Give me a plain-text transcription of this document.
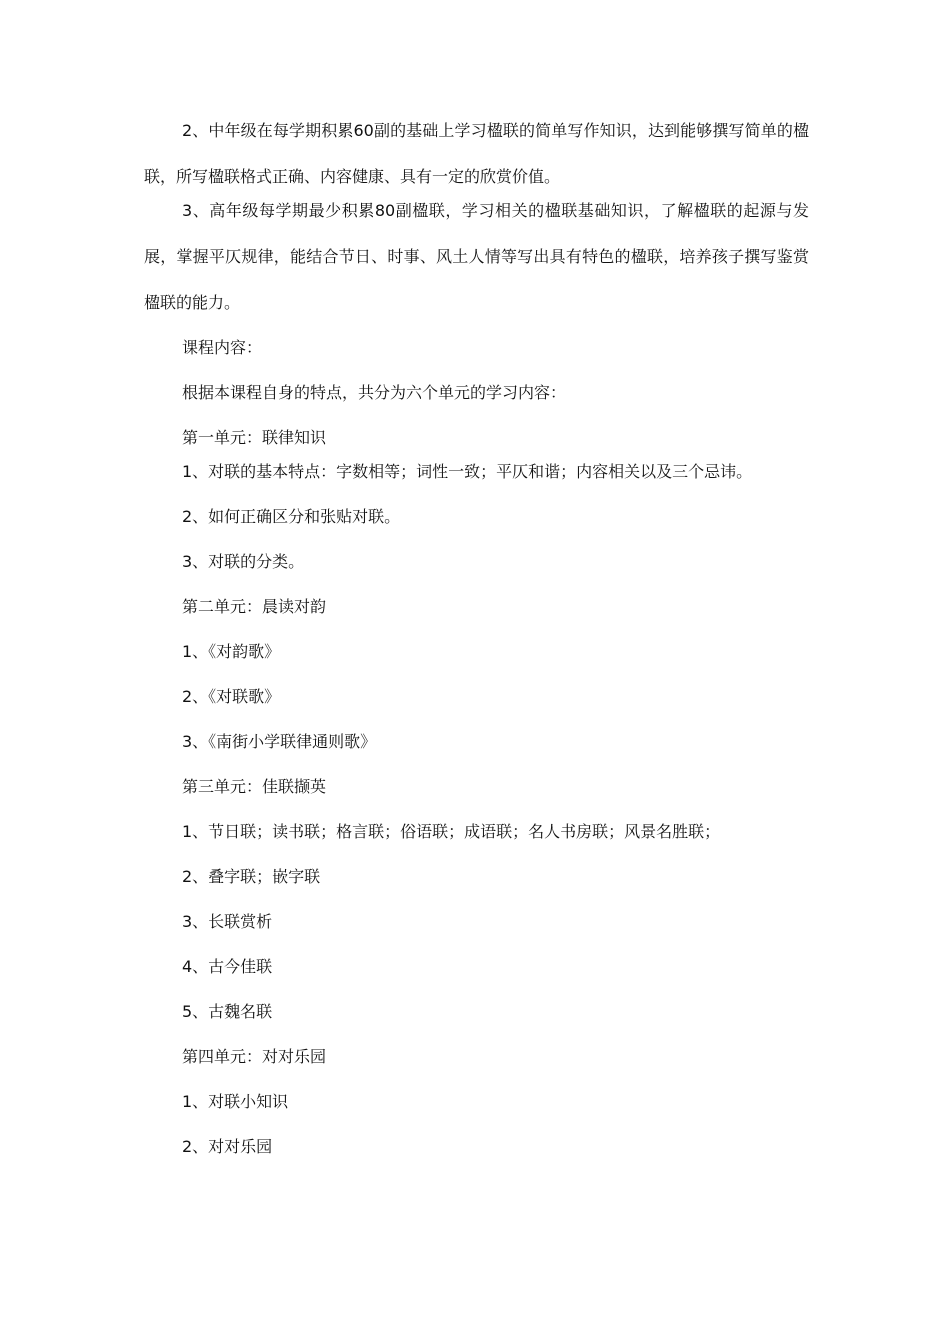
2、中年级在每学期积累60副的基础上学习楹联的简单写作知识，达到能够撰写简单的楹联，所写楹联格式正确、内容健康、具有一定的欣赏价值。

3、高年级每学期最少积累80副楹联，学习相关的楹联基础知识，了解楹联的起源与发展，掌握平仄规律，能结合节日、时事、风土人情等写出具有特色的楹联，培养孩子撰写鉴赏楹联的能力。

课程内容：

根据本课程自身的特点，共分为六个单元的学习内容：

第一单元：联律知识

1、对联的基本特点：字数相等；词性一致；平仄和谐；内容相关以及三个忌讳。

2、如何正确区分和张贴对联。

3、对联的分类。

第二单元：晨读对韵

1、《对韵歌》

2、《对联歌》

3、《南街小学联律通则歌》

第三单元：佳联撷英

1、节日联；读书联；格言联；俗语联；成语联；名人书房联；风景名胜联；

2、叠字联；嵌字联

3、长联赏析

4、古今佳联

5、古魏名联

第四单元：对对乐园

1、对联小知识

2、对对乐园
